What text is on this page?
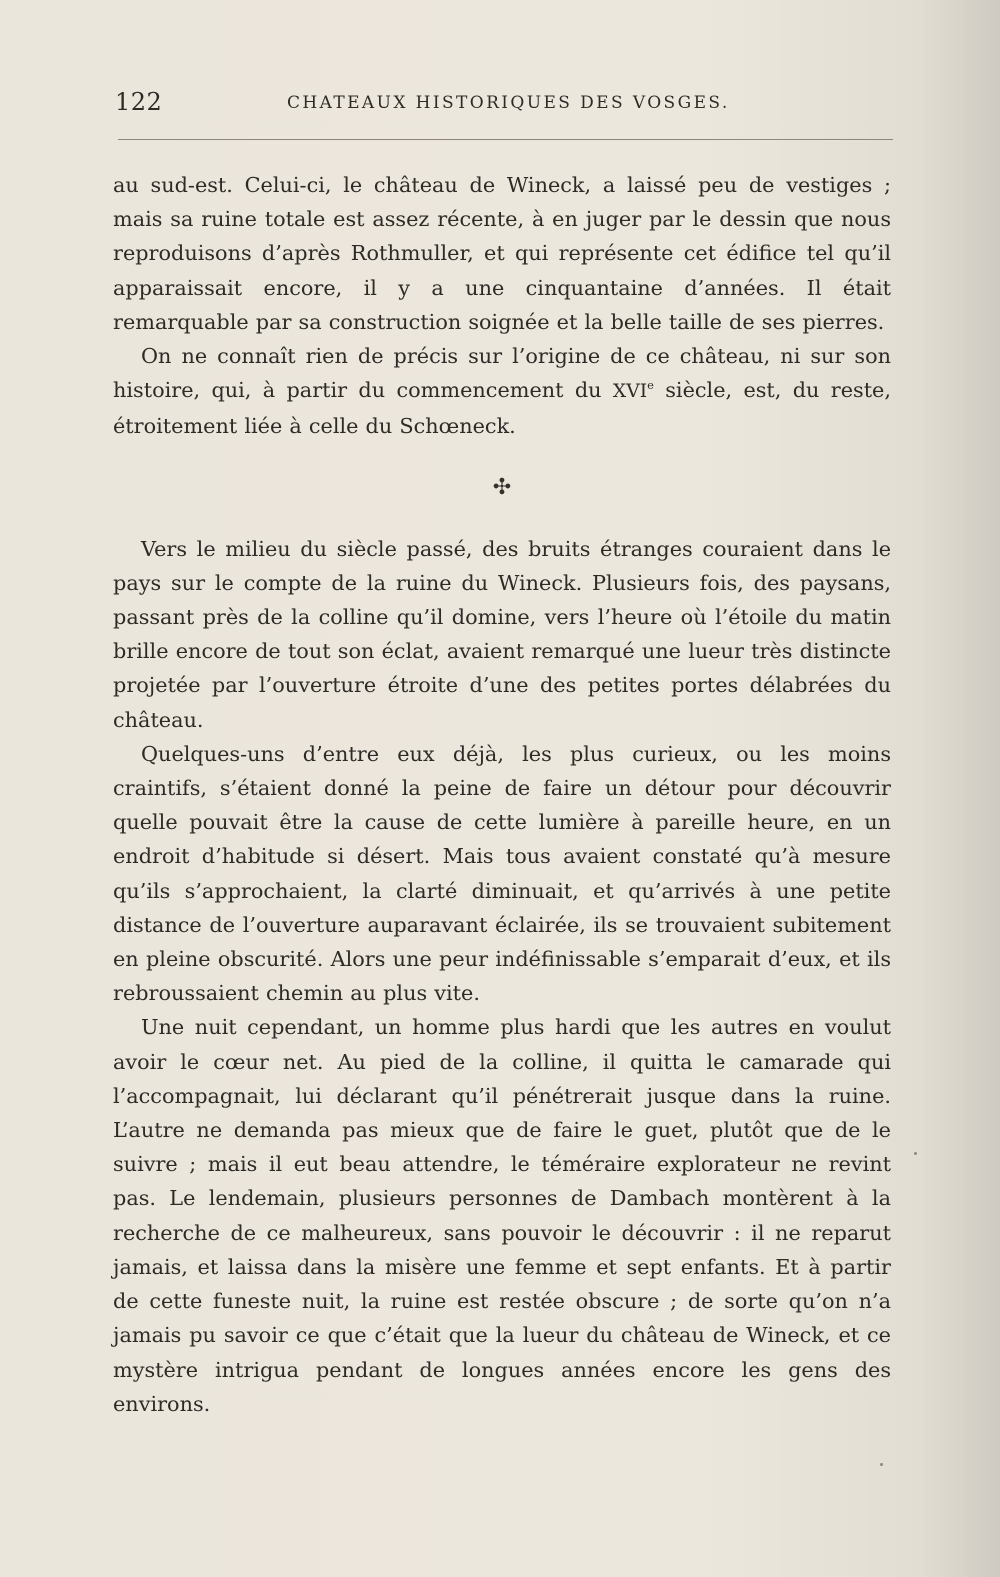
122	CHATEAUX HISTORIQUES DES VOSGES.

au sud-est. Celui-ci, le château de Wineck, a laissé peu de vestiges ; mais sa ruine totale est assez récente, à en juger par le dessin que nous reproduisons d’après Rothmuller, et qui représente cet édifice tel qu’il apparaissait encore, il y a une cinquantaine d’années. Il était remarquable par sa construction soignée et la belle taille de ses pierres.

On ne connaît rien de précis sur l’origine de ce château, ni sur son histoire, qui, à partir du commencement du XVIe siècle, est, du reste, étroitement liée à celle du Schœneck.

✣

Vers le milieu du siècle passé, des bruits étranges couraient dans le pays sur le compte de la ruine du Wineck. Plusieurs fois, des paysans, passant près de la colline qu’il domine, vers l’heure où l’étoile du matin brille encore de tout son éclat, avaient remarqué une lueur très distincte projetée par l’ouverture étroite d’une des petites portes délabrées du château.

Quelques-uns d’entre eux déjà, les plus curieux, ou les moins craintifs, s’étaient donné la peine de faire un détour pour découvrir quelle pouvait être la cause de cette lumière à pareille heure, en un endroit d’habitude si désert. Mais tous avaient constaté qu’à mesure qu’ils s’approchaient, la clarté diminuait, et qu’arrivés à une petite distance de l’ouverture auparavant éclairée, ils se trouvaient subitement en pleine obscurité. Alors une peur indéfinissable s’emparait d’eux, et ils rebroussaient chemin au plus vite.

Une nuit cependant, un homme plus hardi que les autres en voulut avoir le cœur net. Au pied de la colline, il quitta le camarade qui l’accompagnait, lui déclarant qu’il pénétrerait jusque dans la ruine. L’autre ne demanda pas mieux que de faire le guet, plutôt que de le suivre ; mais il eut beau attendre, le téméraire explorateur ne revint pas. Le lendemain, plusieurs personnes de Dambach montèrent à la recherche de ce malheureux, sans pouvoir le découvrir : il ne reparut jamais, et laissa dans la misère une femme et sept enfants. Et à partir de cette funeste nuit, la ruine est restée obscure ; de sorte qu’on n’a jamais pu savoir ce que c’était que la lueur du château de Wineck, et ce mystère intrigua pendant de longues années encore les gens des environs.
